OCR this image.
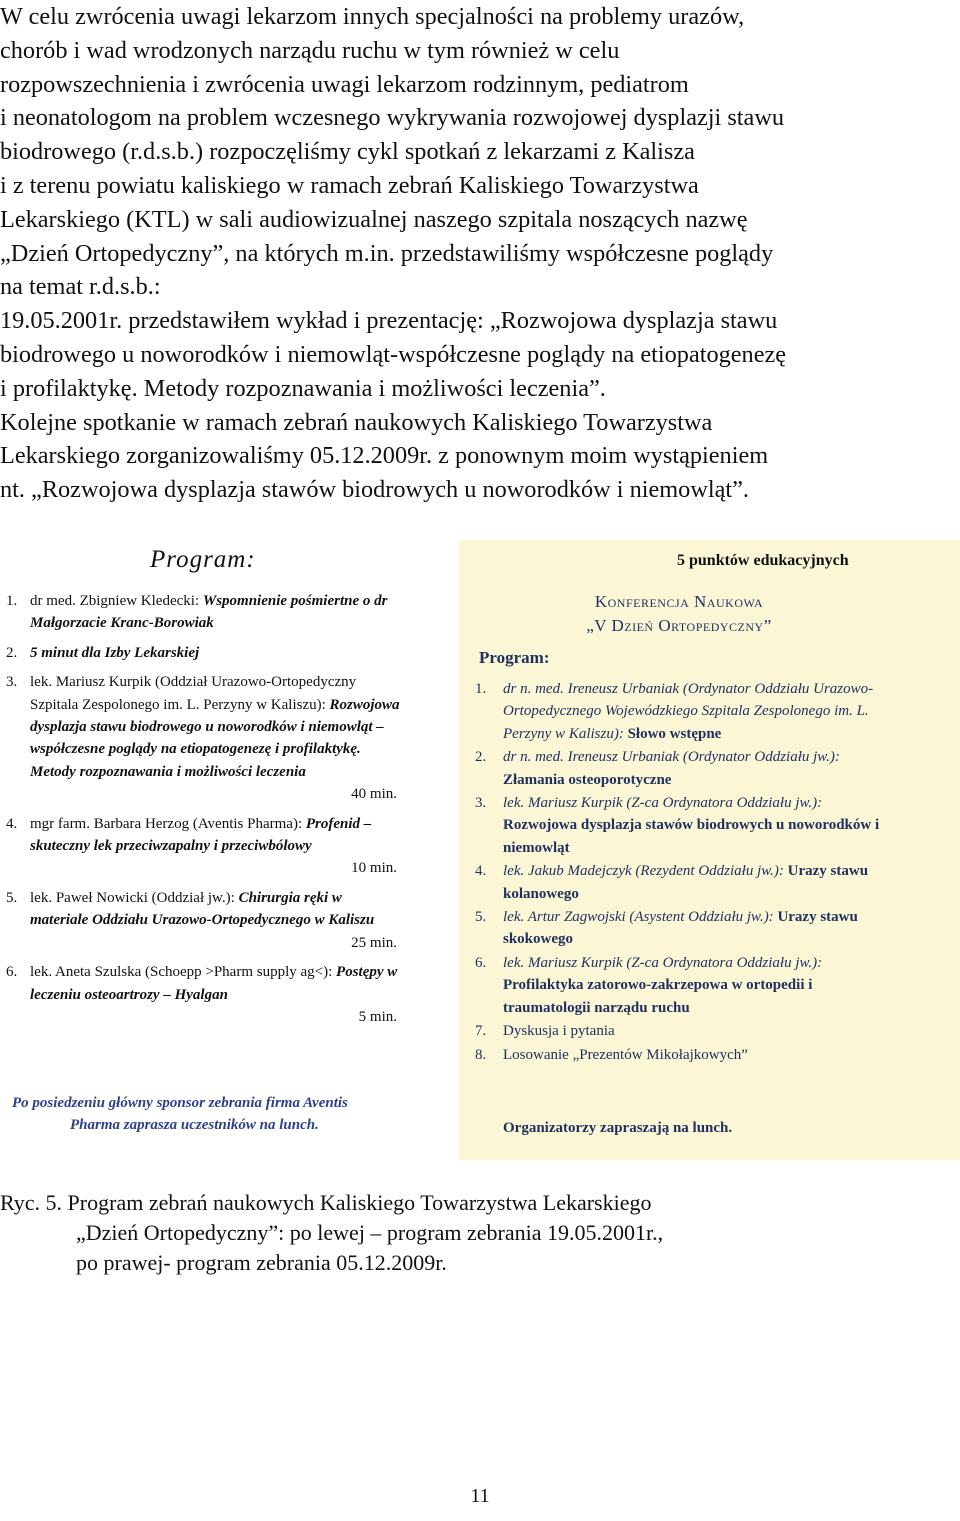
W celu zwrócenia uwagi lekarzom innych specjalności na problemy urazów,

chorób i wad wrodzonych narządu ruchu w tym również w celu

rozpowszechnienia i zwrócenia uwagi lekarzom rodzinnym, pediatrom

i neonatologom na problem wczesnego wykrywania rozwojowej dysplazji stawu

biodrowego (r.d.s.b.) rozpoczęliśmy cykl spotkań z lekarzami z Kalisza

i z terenu powiatu kaliskiego w ramach zebrań Kaliskiego Towarzystwa

Lekarskiego (KTL) w sali audiowizualnej naszego szpitala noszących nazwę

„Dzień Ortopedyczny”, na których m.in. przedstawiliśmy współczesne poglądy

na temat r.d.s.b.:

19.05.2001r. przedstawiłem wykład i prezentację: „Rozwojowa dysplazja stawu

biodrowego u noworodków i niemowląt-współczesne poglądy na etiopatogenezę

i profilaktykę. Metody rozpoznawania i możliwości leczenia”.

Kolejne spotkanie w ramach zebrań naukowych Kaliskiego Towarzystwa

Lekarskiego zorganizowaliśmy 05.12.2009r. z ponownym moim wystąpieniem

nt. „Rozwojowa dysplazja stawów biodrowych u noworodków i niemowląt”.

Program:
1. dr med. Zbigniew Kledecki: Wspomnienie pośmiertne o dr Małgorzacie Kranc-Borowiak
2. 5 minut dla Izby Lekarskiej
3. lek. Mariusz Kurpik (Oddział Urazowo-Ortopedyczny Szpitala Zespolonego im. L. Perzyny w Kaliszu): Rozwojowa dysplazja stawu biodrowego u noworodków i niemowląt – współczesne poglądy na etiopatogenezę i profilaktykę. Metody rozpoznawania i możliwości leczenia
40 min.
4. mgr farm. Barbara Herzog (Aventis Pharma): Profenid – skuteczny lek przeciwzapalny i przeciwbólowy
10 min.
5. lek. Paweł Nowicki (Oddział jw.): Chirurgia ręki w materiale Oddziału Urazowo-Ortopedycznego w Kaliszu
25 min.
6. lek. Aneta Szulska (Schoepp >Pharm supply ag<): Postępy w leczeniu osteoartrozy – Hyalgan
5 min.
Po posiedzeniu główny sponsor zebrania firma Aventis
Pharma zaprasza uczestników na lunch.
5 punktów edukacyjnych
Konferencja Naukowa
„V Dzień Ortopedyczny”
Program:
1. dr n. med. Ireneusz Urbaniak (Ordynator Oddziału Urazowo-Ortopedycznego Wojewódzkiego Szpitala Zespolonego im. L. Perzyny w Kaliszu): Słowo wstępne
2. dr n. med. Ireneusz Urbaniak (Ordynator Oddziału jw.): Złamania osteoporotyczne
3. lek. Mariusz Kurpik (Z-ca Ordynatora Oddziału jw.): Rozwojowa dysplazja stawów biodrowych u noworodków i niemowląt
4. lek. Jakub Madejczyk (Rezydent Oddziału jw.): Urazy stawu kolanowego
5. lek. Artur Zagwojski (Asystent Oddziału jw.): Urazy stawu skokowego
6. lek. Mariusz Kurpik (Z-ca Ordynatora Oddziału jw.): Profilaktyka zatorowo-zakrzepowa w ortopedii i traumatologii narządu ruchu
7. Dyskusja i pytania
8. Losowanie „Prezentów Mikołajkowych”
Organizatorzy zapraszają na lunch.

Ryc. 5. Program zebrań naukowych Kaliskiego Towarzystwa Lekarskiego

„Dzień Ortopedyczny”: po lewej – program zebrania 19.05.2001r.,

po prawej- program zebrania 05.12.2009r.

11
